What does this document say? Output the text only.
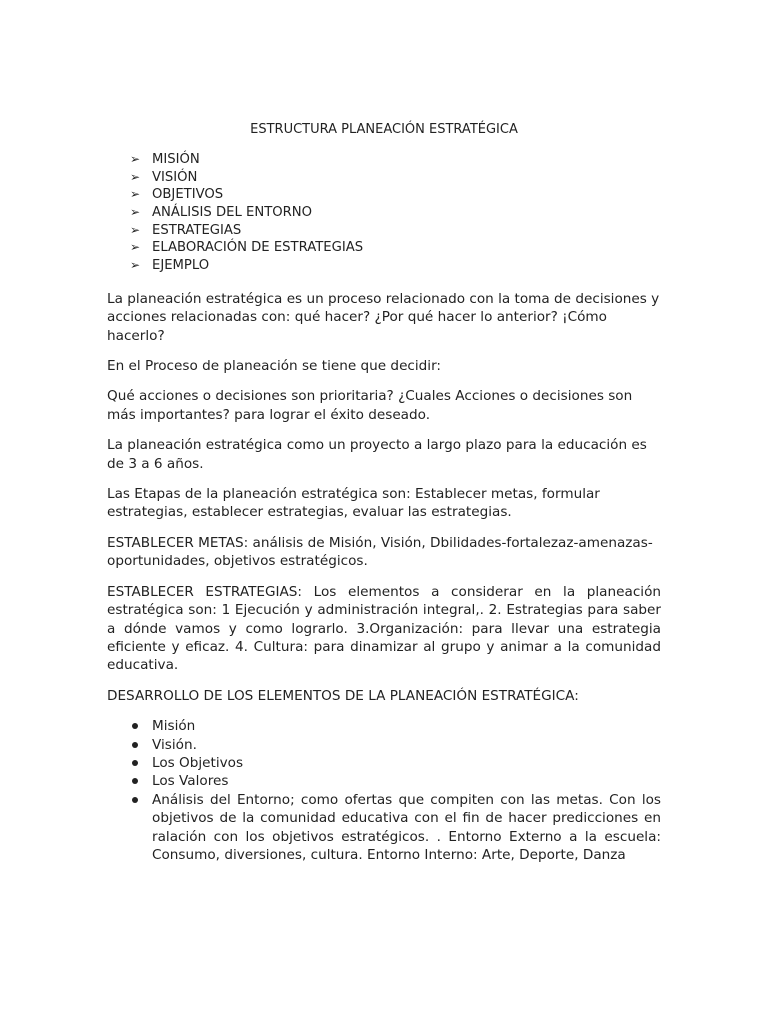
ESTRUCTURA PLANEACIÓN ESTRATÉGICA
➢ MISIÓN
➢ VISIÓN
➢ OBJETIVOS
➢ ANÁLISIS DEL ENTORNO
➢ ESTRATEGIAS
➢ ELABORACIÓN DE ESTRATEGIAS
➢ EJEMPLO

La planeación estratégica es un proceso relacionado con la toma de decisiones y acciones relacionadas con: qué hacer? ¿Por qué hacer lo anterior? ¡Cómo hacerlo?

En el Proceso de planeación se tiene que decidir:

Qué acciones o decisiones son prioritaria? ¿Cuales Acciones o decisiones son más importantes? para lograr el éxito deseado.

La planeación estratégica como un proyecto a largo plazo para la educación es de 3 a 6 años.

Las Etapas de la planeación estratégica son: Establecer metas, formular estrategias, establecer estrategias, evaluar las estrategias.

ESTABLECER METAS: análisis de Misión, Visión, Dbilidades-fortalezaz-amenazas-oportunidades, objetivos estratégicos.

ESTABLECER ESTRATEGIAS: Los elementos a considerar en la planeación estratégica son: 1 Ejecución y administración integral,. 2. Estrategias para saber a dónde vamos y como lograrlo. 3.Organización: para llevar una estrategia eficiente y eficaz. 4. Cultura: para dinamizar al grupo y animar a la comunidad educativa.

DESARROLLO DE LOS ELEMENTOS DE LA PLANEACIÓN ESTRATÉGICA:

Misión
Visión.
Los Objetivos
Los Valores
Análisis del Entorno; como ofertas que compiten con las metas. Con los objetivos de la comunidad educativa con el fin de hacer predicciones en ralación con los objetivos estratégicos. . Entorno Externo a la escuela: Consumo, diversiones, cultura. Entorno Interno: Arte, Deporte, Danza
